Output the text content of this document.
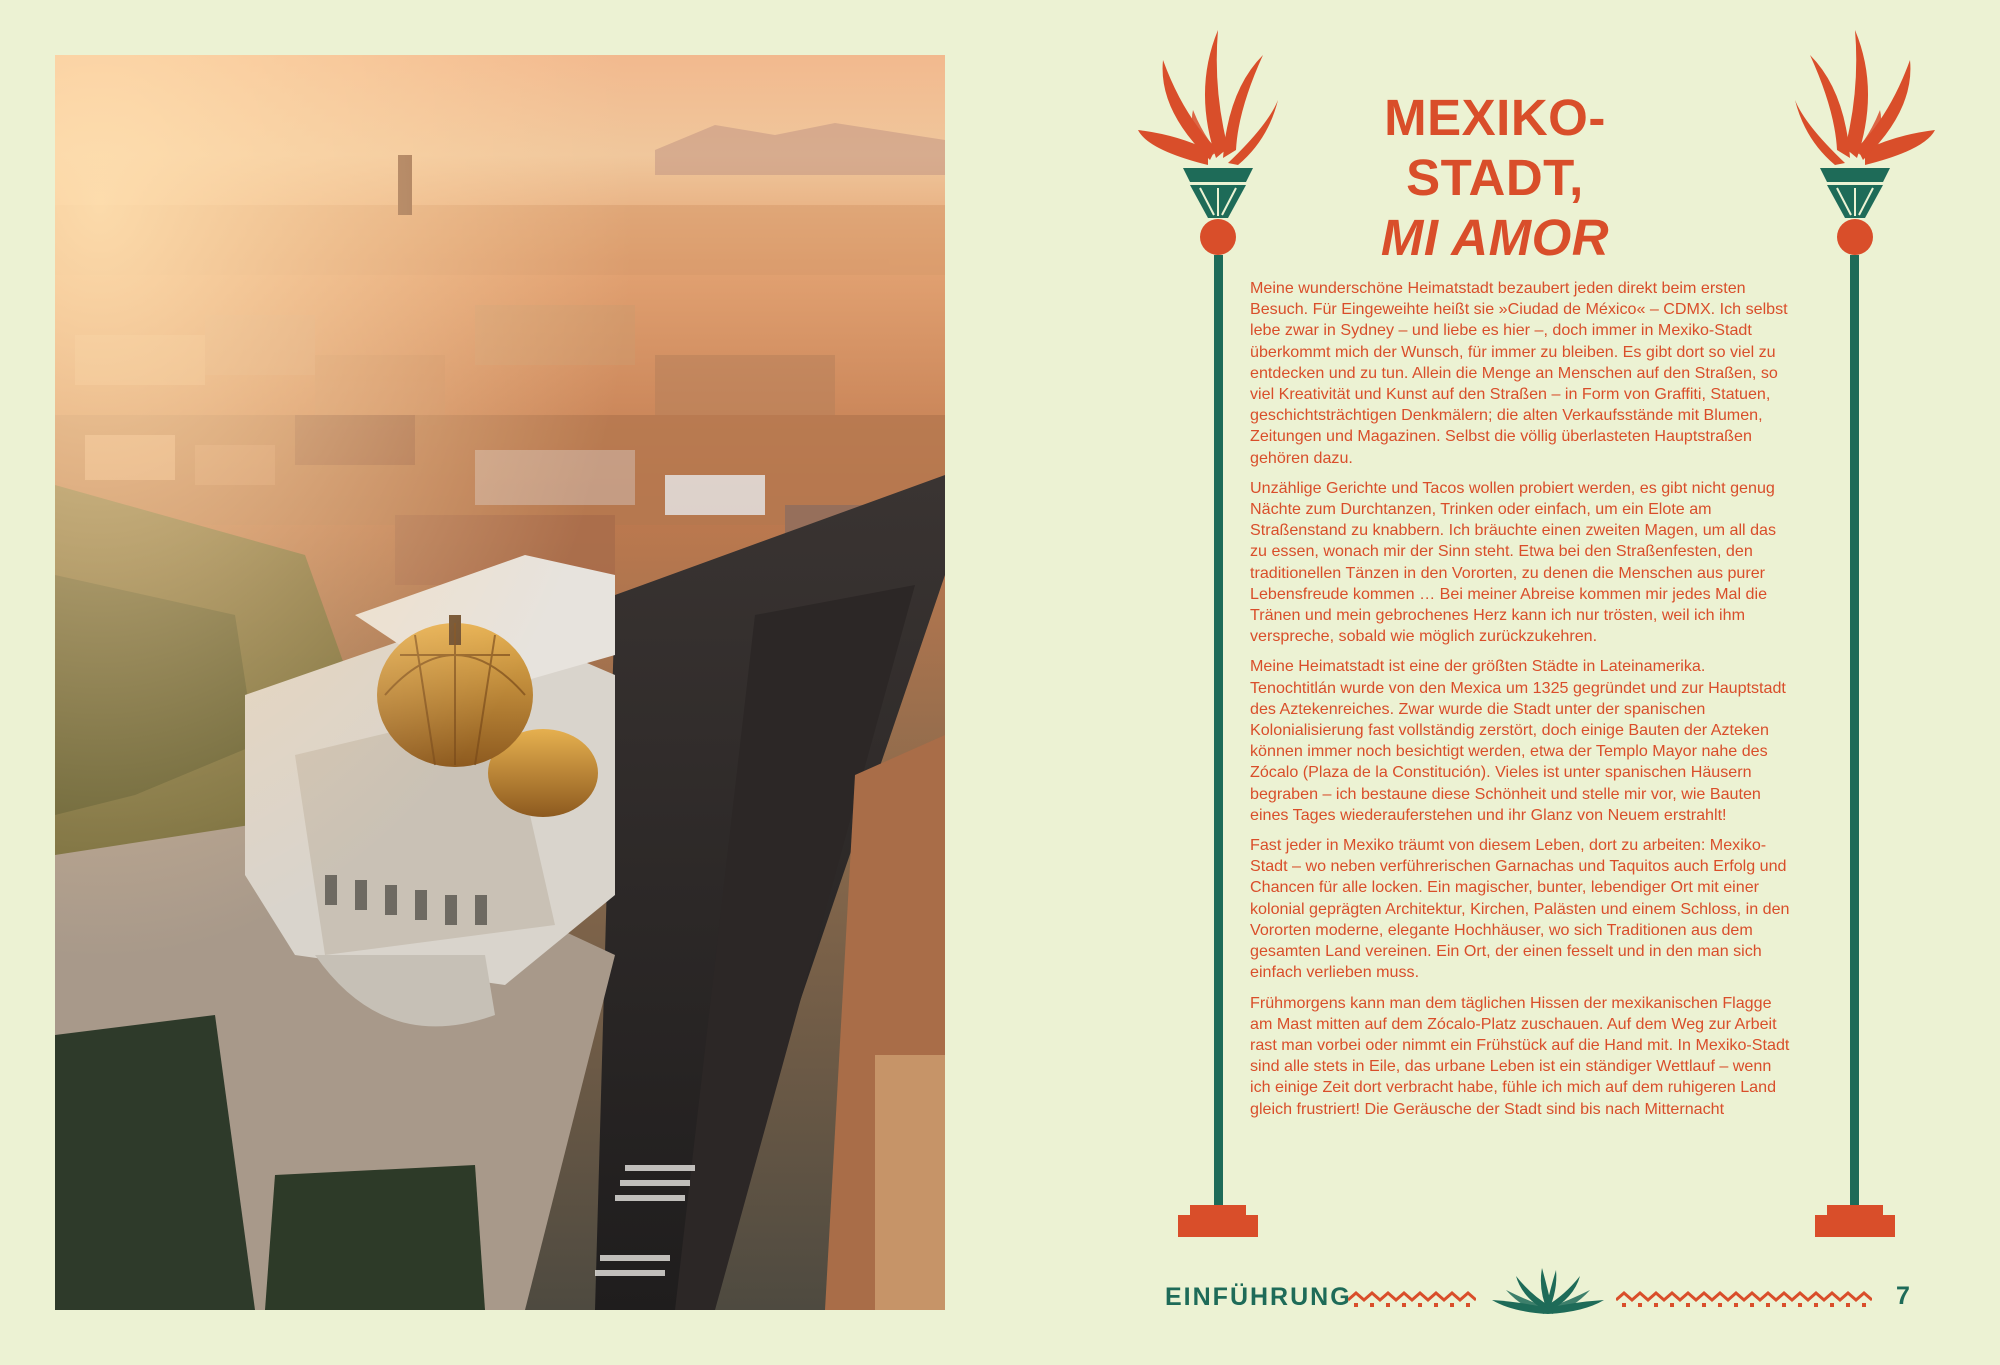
MEXIKO-STADT,
MI AMOR

Meine wunderschöne Heimatstadt bezaubert jeden direkt beim ersten Besuch. Für Eingeweihte heißt sie »Ciudad de México« – CDMX. Ich selbst lebe zwar in Sydney – und liebe es hier –, doch immer in Mexiko-Stadt überkommt mich der Wunsch, für immer zu bleiben. Es gibt dort so viel zu entdecken und zu tun. Allein die Menge an Menschen auf den Straßen, so viel Kreativität und Kunst auf den Straßen – in Form von Graffiti, Statuen, geschichtsträchtigen Denkmälern; die alten Verkaufsstände mit Blumen, Zeitungen und Magazinen. Selbst die völlig überlasteten Hauptstraßen gehören dazu.

Unzählige Gerichte und Tacos wollen probiert werden, es gibt nicht genug Nächte zum Durchtanzen, Trinken oder einfach, um ein Elote am Straßenstand zu knabbern. Ich bräuchte einen zweiten Magen, um all das zu essen, wonach mir der Sinn steht. Etwa bei den Straßenfesten, den traditionellen Tänzen in den Vororten, zu denen die Menschen aus purer Lebensfreude kommen … Bei meiner Abreise kommen mir jedes Mal die Tränen und mein gebrochenes Herz kann ich nur trösten, weil ich ihm verspreche, sobald wie möglich zurückzukehren.

Meine Heimatstadt ist eine der größten Städte in Lateinamerika. Tenochtitlán wurde von den Mexica um 1325 gegründet und zur Hauptstadt des Aztekenreiches. Zwar wurde die Stadt unter der spanischen Kolonialisierung fast vollständig zerstört, doch einige Bauten der Azteken können immer noch besichtigt werden, etwa der Templo Mayor nahe des Zócalo (Plaza de la Constitución). Vieles ist unter spanischen Häusern begraben – ich bestaune diese Schönheit und stelle mir vor, wie Bauten eines Tages wiederauferstehen und ihr Glanz von Neuem erstrahlt!

Fast jeder in Mexiko träumt von diesem Leben, dort zu arbeiten: Mexiko-Stadt – wo neben verführerischen Garnachas und Taquitos auch Erfolg und Chancen für alle locken. Ein magischer, bunter, lebendiger Ort mit einer kolonial geprägten Architektur, Kirchen, Palästen und einem Schloss, in den Vororten moderne, elegante Hochhäuser, wo sich Traditionen aus dem gesamten Land vereinen. Ein Ort, der einen fesselt und in den man sich einfach verlieben muss.

Frühmorgens kann man dem täglichen Hissen der mexikanischen Flagge am Mast mitten auf dem Zócalo-Platz zuschauen. Auf dem Weg zur Arbeit rast man vorbei oder nimmt ein Frühstück auf die Hand mit. In Mexiko-Stadt sind alle stets in Eile, das urbane Leben ist ein ständiger Wettlauf – wenn ich einige Zeit dort verbracht habe, fühle ich mich auf dem ruhigeren Land gleich frustriert! Die Geräusche der Stadt sind bis nach Mitternacht

EINFÜHRUNG	7
